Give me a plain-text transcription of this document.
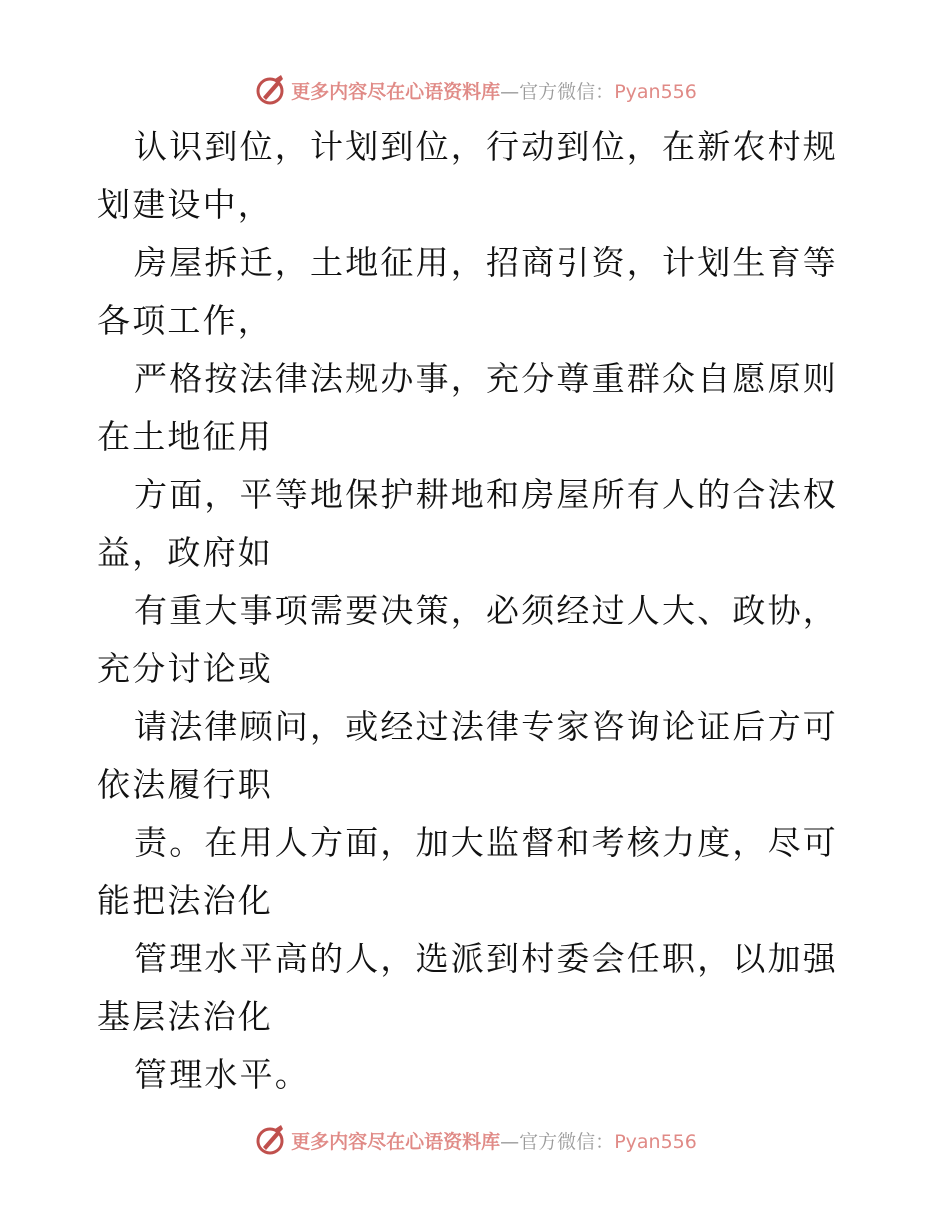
更多内容尽在心语资料库 — 官方微信： Pyan556

认识到位，计划到位，行动到位，在新农村规划建设中，

房屋拆迁，土地征用，招商引资，计划生育等各项工作，

严格按法律法规办事，充分尊重群众自愿原则在土地征用

方面，平等地保护耕地和房屋所有人的合法权益，政府如

有重大事项需要决策，必须经过人大、政协，充分讨论或

请法律顾问，或经过法律专家咨询论证后方可依法履行职

责。在用人方面，加大监督和考核力度，尽可能把法治化

管理水平高的人，选派到村委会任职，以加强基层法治化

管理水平。

更多内容尽在心语资料库 — 官方微信： Pyan556
